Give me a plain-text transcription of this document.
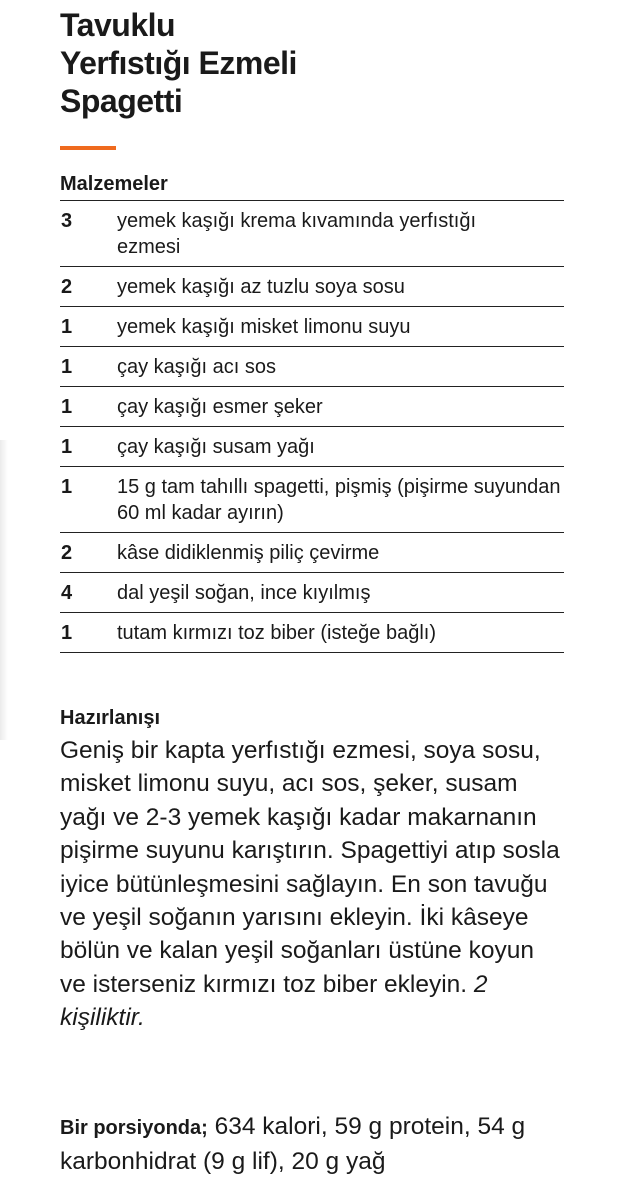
Tavuklu
Yerfıstığı Ezmeli
Spagetti
Malzemeler
3	yemek kaşığı krema kıvamında yerfıstığı ezmesi
2	yemek kaşığı az tuzlu soya sosu
1	yemek kaşığı misket limonu suyu
1	çay kaşığı acı sos
1	çay kaşığı esmer şeker
1	çay kaşığı susam yağı
1	15 g tam tahıllı spagetti, pişmiş (pişirme suyundan 60 ml kadar ayırın)
2	kâse didiklenmiş piliç çevirme
4	dal yeşil soğan, ince kıyılmış
1	tutam kırmızı toz biber (isteğe bağlı)
Hazırlanışı

Geniş bir kapta yerfıstığı ezmesi, soya sosu, misket limonu suyu, acı sos, şeker, susam yağı ve 2-3 yemek kaşığı kadar makarnanın pişirme suyunu karıştırın. Spagettiyi atıp sosla iyice bütünleşmesini sağlayın. En son tavuğu ve yeşil soğanın yarısını ekleyin. İki kâseye bölün ve kalan yeşil soğanları üstüne koyun ve isterseniz kırmızı toz biber ekleyin. 2 kişiliktir.

Bir porsiyonda; 634 kalori, 59 g protein, 54 g karbonhidrat (9 g lif), 20 g yağ
